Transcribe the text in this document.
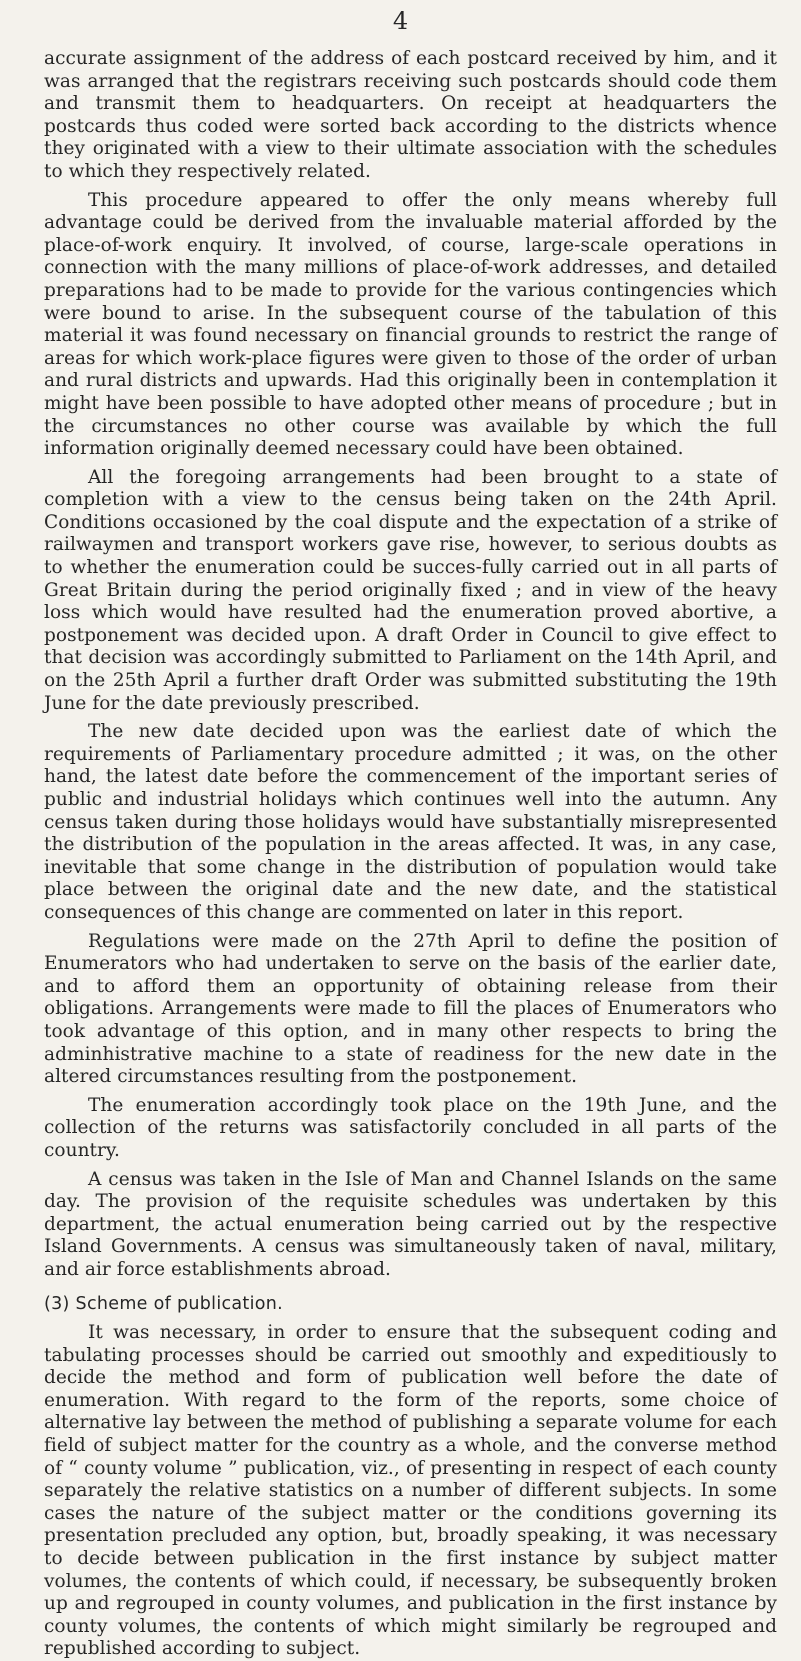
4

accurate assignment of the address of each postcard received by him, and it was arranged that the registrars receiving such postcards should code them and transmit them to headquarters. On receipt at headquarters the postcards thus coded were sorted back according to the districts whence they originated with a view to their ultimate association with the schedules to which they respectively related.

This procedure appeared to offer the only means whereby full advantage could be derived from the invaluable material afforded by the place-of-work enquiry. It involved, of course, large-scale operations in connection with the many millions of place-of-work addresses, and detailed preparations had to be made to provide for the various contingencies which were bound to arise. In the subsequent course of the tabulation of this material it was found necessary on financial grounds to restrict the range of areas for which work-place figures were given to those of the order of urban and rural districts and upwards. Had this originally been in contemplation it might have been possible to have adopted other means of procedure ; but in the circumstances no other course was available by which the full information originally deemed necessary could have been obtained.

All the foregoing arrangements had been brought to a state of completion with a view to the census being taken on the 24th April. Conditions occasioned by the coal dispute and the expectation of a strike of railwaymen and transport workers gave rise, however, to serious doubts as to whether the enumeration could be succes-fully carried out in all parts of Great Britain during the period originally fixed ; and in view of the heavy loss which would have resulted had the enumeration proved abortive, a postponement was decided upon. A draft Order in Council to give effect to that decision was accordingly submitted to Parliament on the 14th April, and on the 25th April a further draft Order was submitted substituting the 19th June for the date previously prescribed.

The new date decided upon was the earliest date of which the requirements of Parliamentary procedure admitted ; it was, on the other hand, the latest date before the commencement of the important series of public and industrial holidays which continues well into the autumn. Any census taken during those holidays would have substantially misrepresented the distribution of the population in the areas affected. It was, in any case, inevitable that some change in the distribution of population would take place between the original date and the new date, and the statistical consequences of this change are commented on later in this report.

Regulations were made on the 27th April to define the position of Enumerators who had undertaken to serve on the basis of the earlier date, and to afford them an opportunity of obtaining release from their obligations. Arrangements were made to fill the places of Enumerators who took advantage of this option, and in many other respects to bring the adminhistrative machine to a state of readiness for the new date in the altered circumstances resulting from the postponement.

The enumeration accordingly took place on the 19th June, and the collection of the returns was satisfactorily concluded in all parts of the country.

A census was taken in the Isle of Man and Channel Islands on the same day. The provision of the requisite schedules was undertaken by this department, the actual enumeration being carried out by the respective Island Governments. A census was simultaneously taken of naval, military, and air force establishments abroad.

(3) Scheme of publication.

It was necessary, in order to ensure that the subsequent coding and tabulating processes should be carried out smoothly and expeditiously to decide the method and form of publication well before the date of enumeration. With regard to the form of the reports, some choice of alternative lay between the method of publishing a separate volume for each field of subject matter for the country as a whole, and the converse method of “ county volume ” publication, viz., of presenting in respect of each county separately the relative statistics on a number of different subjects. In some cases the nature of the subject matter or the conditions governing its presentation precluded any option, but, broadly speaking, it was necessary to decide between publication in the first instance by subject matter volumes, the contents of which could, if necessary, be subsequently broken up and regrouped in county volumes, and publication in the first instance by county volumes, the contents of which might similarly be regrouped and republished according to subject.
